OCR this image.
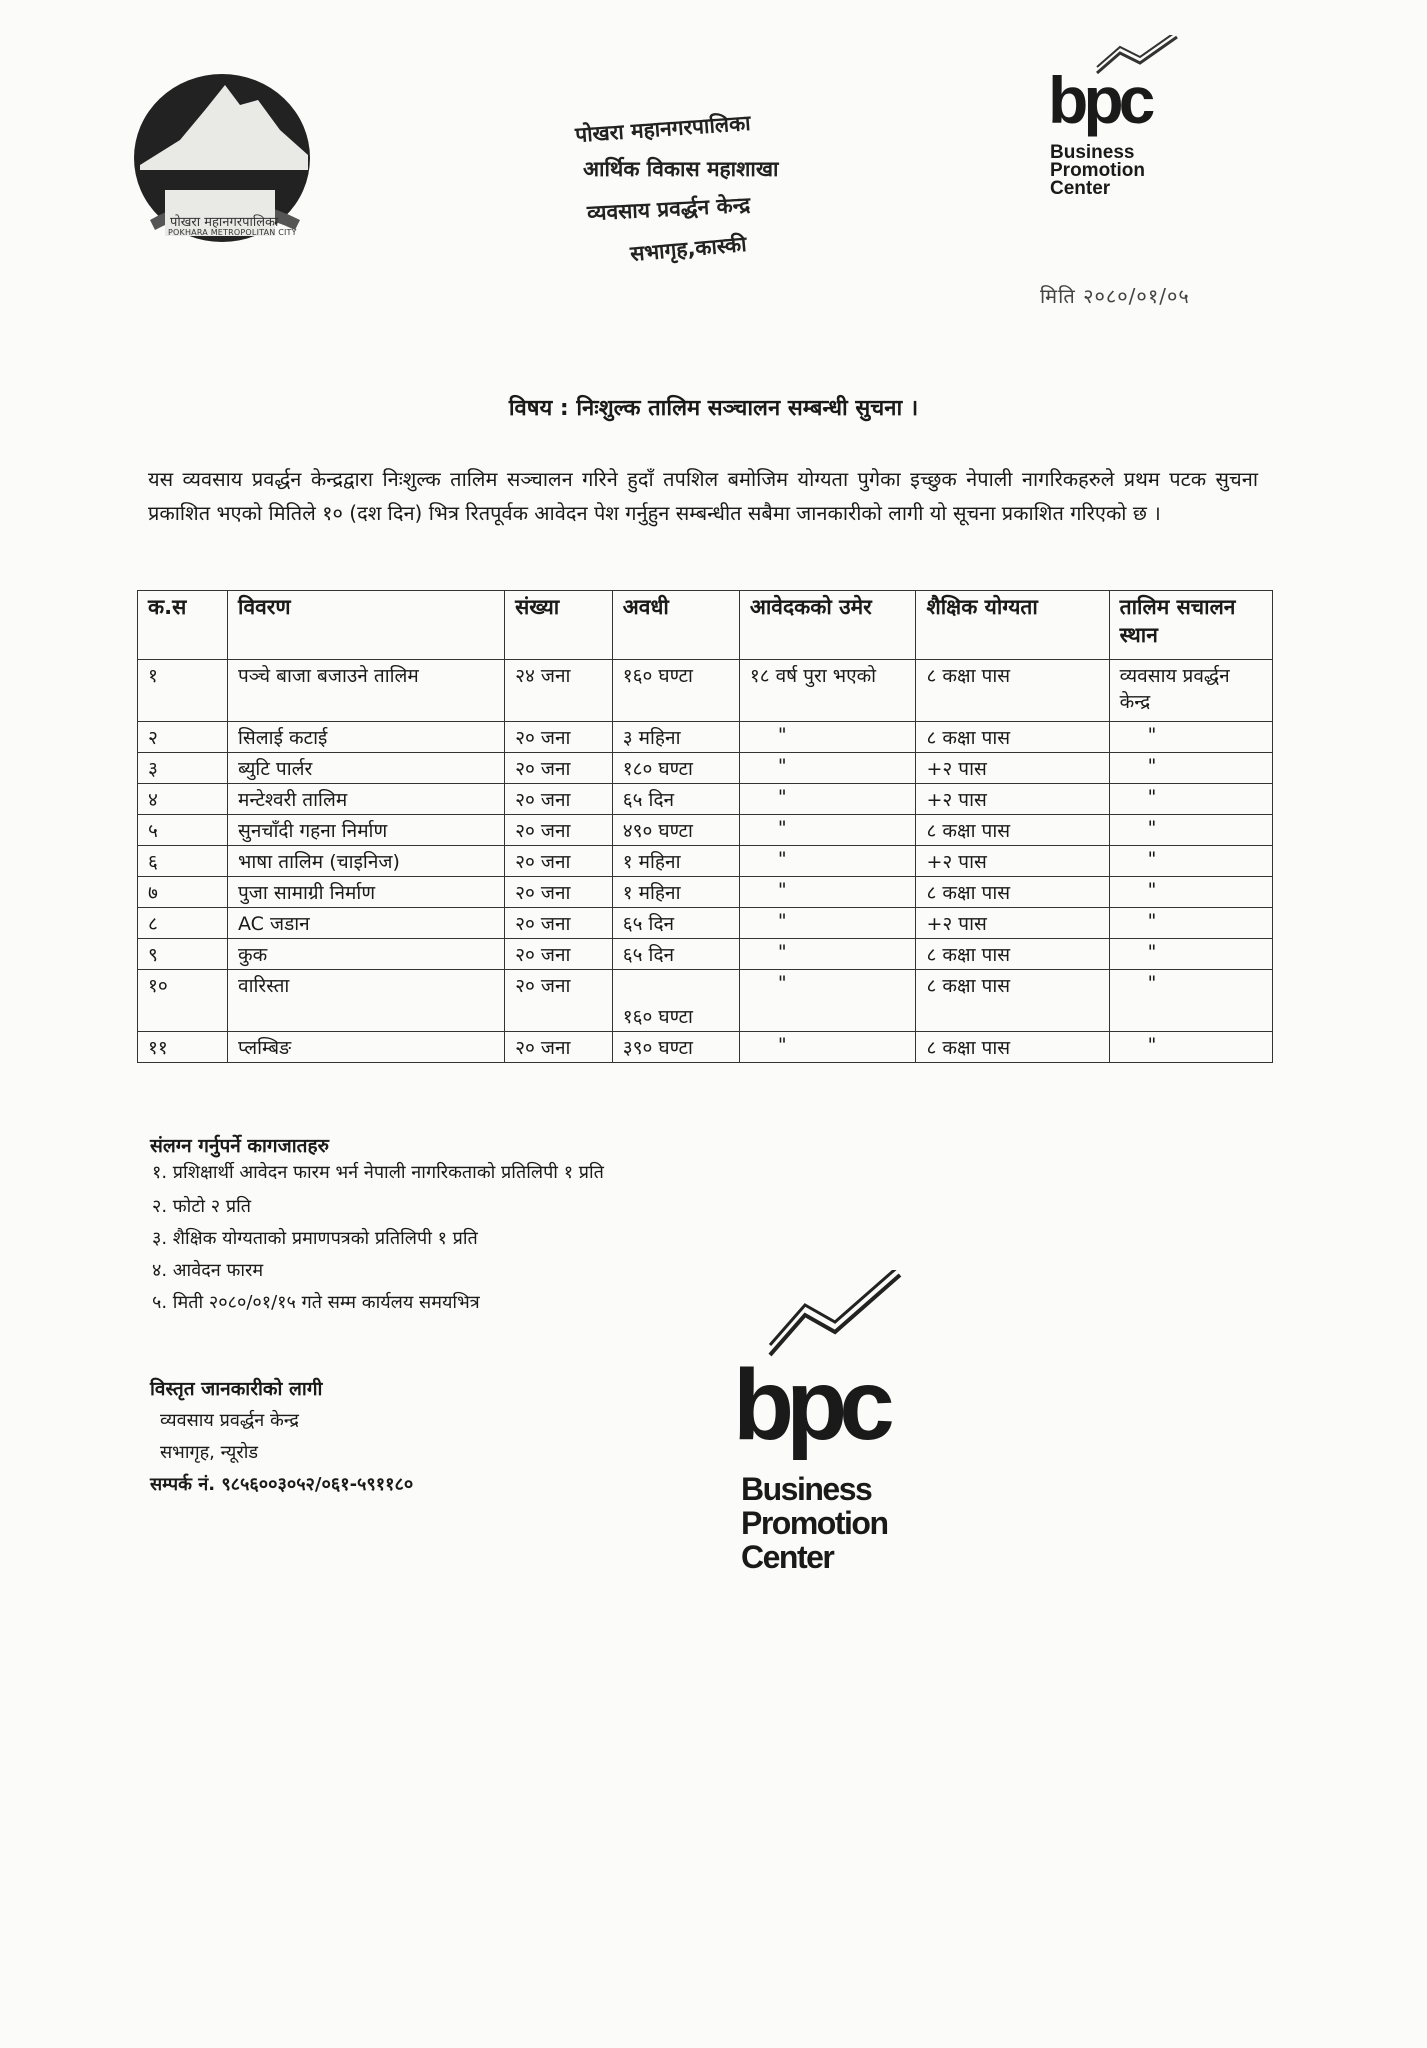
पोखरा महानगरपालिका
POKHARA METROPOLITAN CITY
पोखरा महानगरपालिका
आर्थिक विकास महाशाखा
व्यवसाय प्रवर्द्धन केन्द्र
सभागृह,कास्की
bpc
Business
Promotion
Center
मिति २०८०/०१/०५
विषय : निःशुल्क तालिम सञ्चालन सम्बन्धी सुचना ।
यस व्यवसाय प्रवर्द्धन केन्द्रद्वारा निःशुल्क तालिम सञ्चालन गरिने हुदाँ तपशिल बमोजिम योग्यता पुगेका इच्छुक नेपाली नागरिकहरुले प्रथम पटक सुचना प्रकाशित भएको मितिले १० (दश दिन) भित्र रितपूर्वक आवेदन पेश गर्नुहुन सम्बन्धीत सबैमा जानकारीको लागी यो सूचना प्रकाशित गरिएको छ ।
क.स	विवरण	संख्या	अवधी	आवेदकको उमेर	शैक्षिक योग्यता	तालिम सचालन स्थान
१	पञ्चे बाजा बजाउने तालिम	२४ जना	१६० घण्टा	१८ वर्ष पुरा भएको	८ कक्षा पास	व्यवसाय प्रवर्द्धन केन्द्र
२	सिलाई कटाई	२० जना	३ महिना	"	८ कक्षा पास	"
३	ब्युटि पार्लर	२० जना	१८० घण्टा	"	+२ पास	"
४	मन्टेश्वरी तालिम	२० जना	६५ दिन	"	+२ पास	"
५	सुनचाँदी गहना निर्माण	२० जना	४९० घण्टा	"	८ कक्षा पास	"
६	भाषा तालिम (चाइनिज)	२० जना	१ महिना	"	+२ पास	"
७	पुजा सामाग्री निर्माण	२० जना	१ महिना	"	८ कक्षा पास	"
८	AC जडान	२० जना	६५ दिन	"	+२ पास	"
९	कुक	२० जना	६५ दिन	"	८ कक्षा पास	"
१०	वारिस्ता	२० जना	१६० घण्टा	"	८ कक्षा पास	"
११	प्लम्बिङ	२० जना	३९० घण्टा	"	८ कक्षा पास	"
संलग्न गर्नुपर्ने कागजातहरु
१. प्रशिक्षार्थी आवेदन फारम भर्न नेपाली नागरिकताको प्रतिलिपी १ प्रति
२. फोटो २ प्रति
३. शैक्षिक योग्यताको प्रमाणपत्रको प्रतिलिपी १ प्रति
४. आवेदन फारम
५. मिती २०८०/०१/१५ गते सम्म कार्यलय समयभित्र
विस्तृत जानकारीको लागी
व्यवसाय प्रवर्द्धन केन्द्र
सभागृह, न्यूरोड
सम्पर्क नं. ९८५६००३०५२/०६१-५९११८०
bpc
Business
Promotion
Center
